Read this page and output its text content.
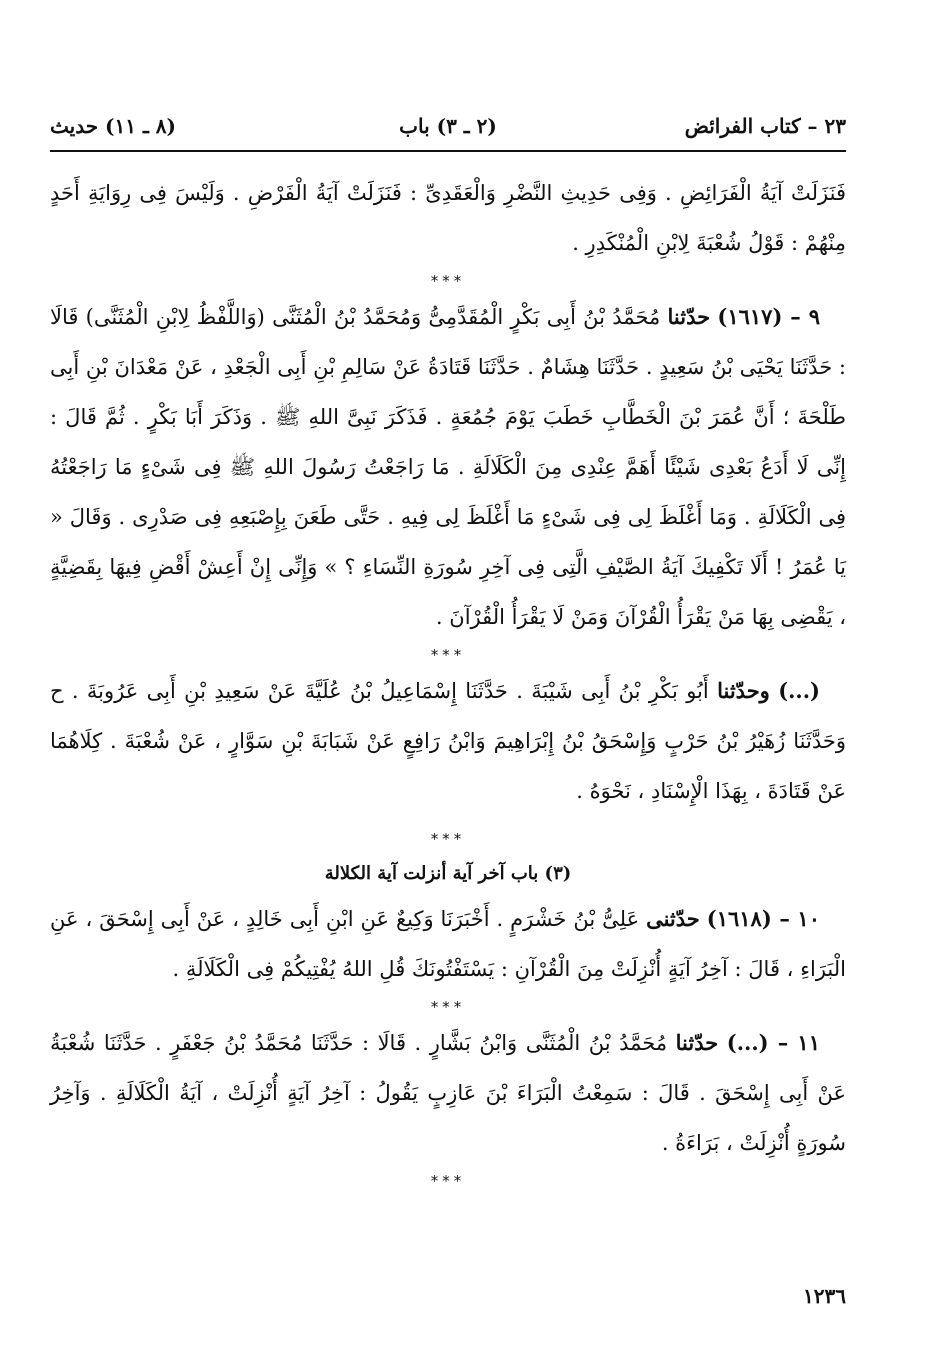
٢٣ – كتاب الفرائض
(٢ ـ ٣) باب
(٨ ـ ١١) حديث

فَنَزَلَتْ آيَةُ الْفَرَائِضِ . وَفِى حَدِيثِ النَّضْرِ وَالْعَقَدِىِّ : فَنَزَلَتْ آيَةُ الْفَرْضِ . وَلَيْسَ فِى رِوَايَةِ أَحَدٍ مِنْهُمْ : قَوْلُ شُعْبَةَ لِابْنِ الْمُنْكَدِرِ .

***

٩ – (١٦١٧) حدّثنا مُحَمَّدُ بْنُ أَبِى بَكْرٍ الْمُقَدَّمِىُّ وَمُحَمَّدُ بْنُ الْمُثَنَّى (وَاللَّفْظُ لِابْنِ الْمُثَنَّى) قَالَا : حَدَّثَنَا يَحْيَى بْنُ سَعِيدٍ . حَدَّثَنَا هِشَامٌ . حَدَّثَنَا قَتَادَةُ عَنْ سَالِمِ بْنِ أَبِى الْجَعْدِ ، عَنْ مَعْدَانَ بْنِ أَبِى طَلْحَةَ ؛ أَنَّ عُمَرَ بْنَ الْخَطَّابِ خَطَبَ يَوْمَ جُمُعَةٍ . فَذَكَرَ نَبِىَّ اللهِ ﷺ . وَذَكَرَ أَبَا بَكْرٍ . ثُمَّ قَالَ : إِنِّى لَا أَدَعُ بَعْدِى شَيْئًا أَهَمَّ عِنْدِى مِنَ الْكَلَالَةِ . مَا رَاجَعْتُ رَسُولَ اللهِ ﷺ فِى شَىْءٍ مَا رَاجَعْتُهُ فِى الْكَلَالَةِ . وَمَا أَغْلَظَ لِى فِى شَىْءٍ مَا أَغْلَظَ لِى فِيهِ . حَتَّى طَعَنَ بِإِصْبَعِهِ فِى صَدْرِى . وَقَالَ « يَا عُمَرُ ! أَلَا تَكْفِيكَ آيَةُ الصَّيْفِ الَّتِى فِى آخِرِ سُورَةِ النِّسَاءِ ؟ » وَإِنِّى إِنْ أَعِشْ أَقْضِ فِيهَا بِقَضِيَّةٍ ، يَقْضِى بِهَا مَنْ يَقْرَأُ الْقُرْآنَ وَمَنْ لَا يَقْرَأُ الْقُرْآنَ .

***

(...) وحدّثنا أَبُو بَكْرِ بْنُ أَبِى شَيْبَةَ . حَدَّثَنَا إِسْمَاعِيلُ بْنُ عُلَيَّةَ عَنْ سَعِيدِ بْنِ أَبِى عَرُوبَةَ . ح وَحَدَّثَنَا زُهَيْرُ بْنُ حَرْبٍ وَإِسْحَقُ بْنُ إِبْرَاهِيمَ وَابْنُ رَافِعٍ عَنْ شَبَابَةَ بْنِ سَوَّارٍ ، عَنْ شُعْبَةَ . كِلَاهُمَا عَنْ قَتَادَةَ ، بِهَذَا الْإِسْنَادِ ، نَحْوَهُ .

***
(٣) باب آخر آية أنزلت آية الكلالة

١٠ – (١٦١٨) حدّثنى عَلِىُّ بْنُ خَشْرَمٍ . أَخْبَرَنَا وَكِيعٌ عَنِ ابْنِ أَبِى خَالِدٍ ، عَنْ أَبِى إِسْحَقَ ، عَنِ الْبَرَاءِ ، قَالَ : آخِرُ آيَةٍ أُنْزِلَتْ مِنَ الْقُرْآنِ : يَسْتَفْتُونَكَ قُلِ اللهُ يُفْتِيكُمْ فِى الْكَلَالَةِ .

***

١١ – (...) حدّثنا مُحَمَّدُ بْنُ الْمُثَنَّى وَابْنُ بَشَّارٍ . قَالَا : حَدَّثَنَا مُحَمَّدُ بْنُ جَعْفَرٍ . حَدَّثَنَا شُعْبَةُ عَنْ أَبِى إِسْحَقَ . قَالَ : سَمِعْتُ الْبَرَاءَ بْنَ عَازِبٍ يَقُولُ : آخِرُ آيَةٍ أُنْزِلَتْ ، آيَةُ الْكَلَالَةِ . وَآخِرُ سُورَةٍ أُنْزِلَتْ ، بَرَاءَةُ .

***
١٢٣٦
